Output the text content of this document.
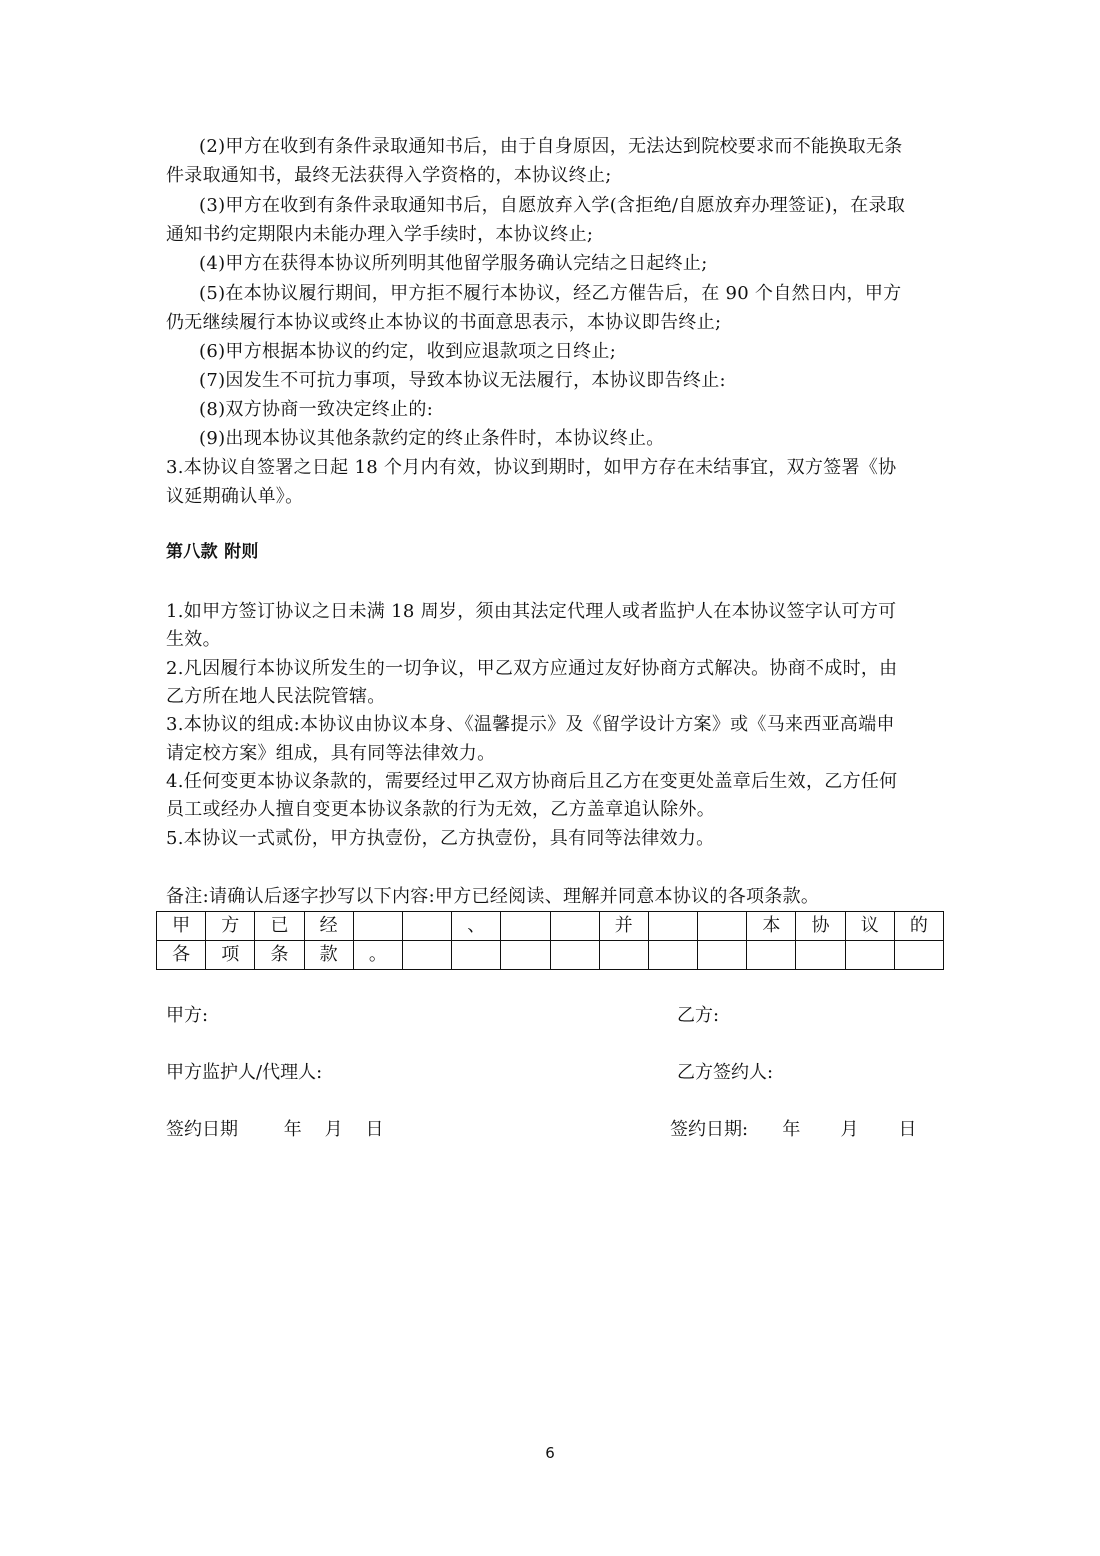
(2)甲方在收到有条件录取通知书后，由于自身原因，无法达到院校要求而不能换取无条
件录取通知书，最终无法获得入学资格的，本协议终止;
(3)甲方在收到有条件录取通知书后，自愿放弃入学(含拒绝/自愿放弃办理签证)，在录取
通知书约定期限内未能办理入学手续时，本协议终止;
(4)甲方在获得本协议所列明其他留学服务确认完结之日起终止;
(5)在本协议履行期间，甲方拒不履行本协议，经乙方催告后，在 90 个自然日内，甲方
仍无继续履行本协议或终止本协议的书面意思表示，本协议即告终止;
(6)甲方根据本协议的约定，收到应退款项之日终止;
(7)因发生不可抗力事项，导致本协议无法履行，本协议即告终止:
(8)双方协商一致决定终止的:
(9)出现本协议其他条款约定的终止条件时，本协议终止。
3.本协议自签署之日起 18 个月内有效，协议到期时，如甲方存在未结事宜，双方签署《协
议延期确认单》。
第八款 附则
1.如甲方签订协议之日未满 18 周岁，须由其法定代理人或者监护人在本协议签字认可方可
生效。
2.凡因履行本协议所发生的一切争议，甲乙双方应通过友好协商方式解决。协商不成时，由
乙方所在地人民法院管辖。
3.本协议的组成:本协议由协议本身、《温馨提示》及《留学设计方案》或《马来西亚高端申
请定校方案》组成，具有同等法律效力。
4.任何变更本协议条款的，需要经过甲乙双方协商后且乙方在变更处盖章后生效，乙方任何
员工或经办人擅自变更本协议条款的行为无效，乙方盖章追认除外。
5.本协议一式贰份，甲方执壹份，乙方执壹份，具有同等法律效力。
备注:请确认后逐字抄写以下内容:甲方已经阅读、理解并同意本协议的各项条款。
甲	方	已	经			、			并			本	协	议	的
各	项	条	款	。											
甲方:	乙方:
甲方监护人/代理人:	乙方签约人:
签约日期        年    月    日	签约日期:      年       月       日
6
